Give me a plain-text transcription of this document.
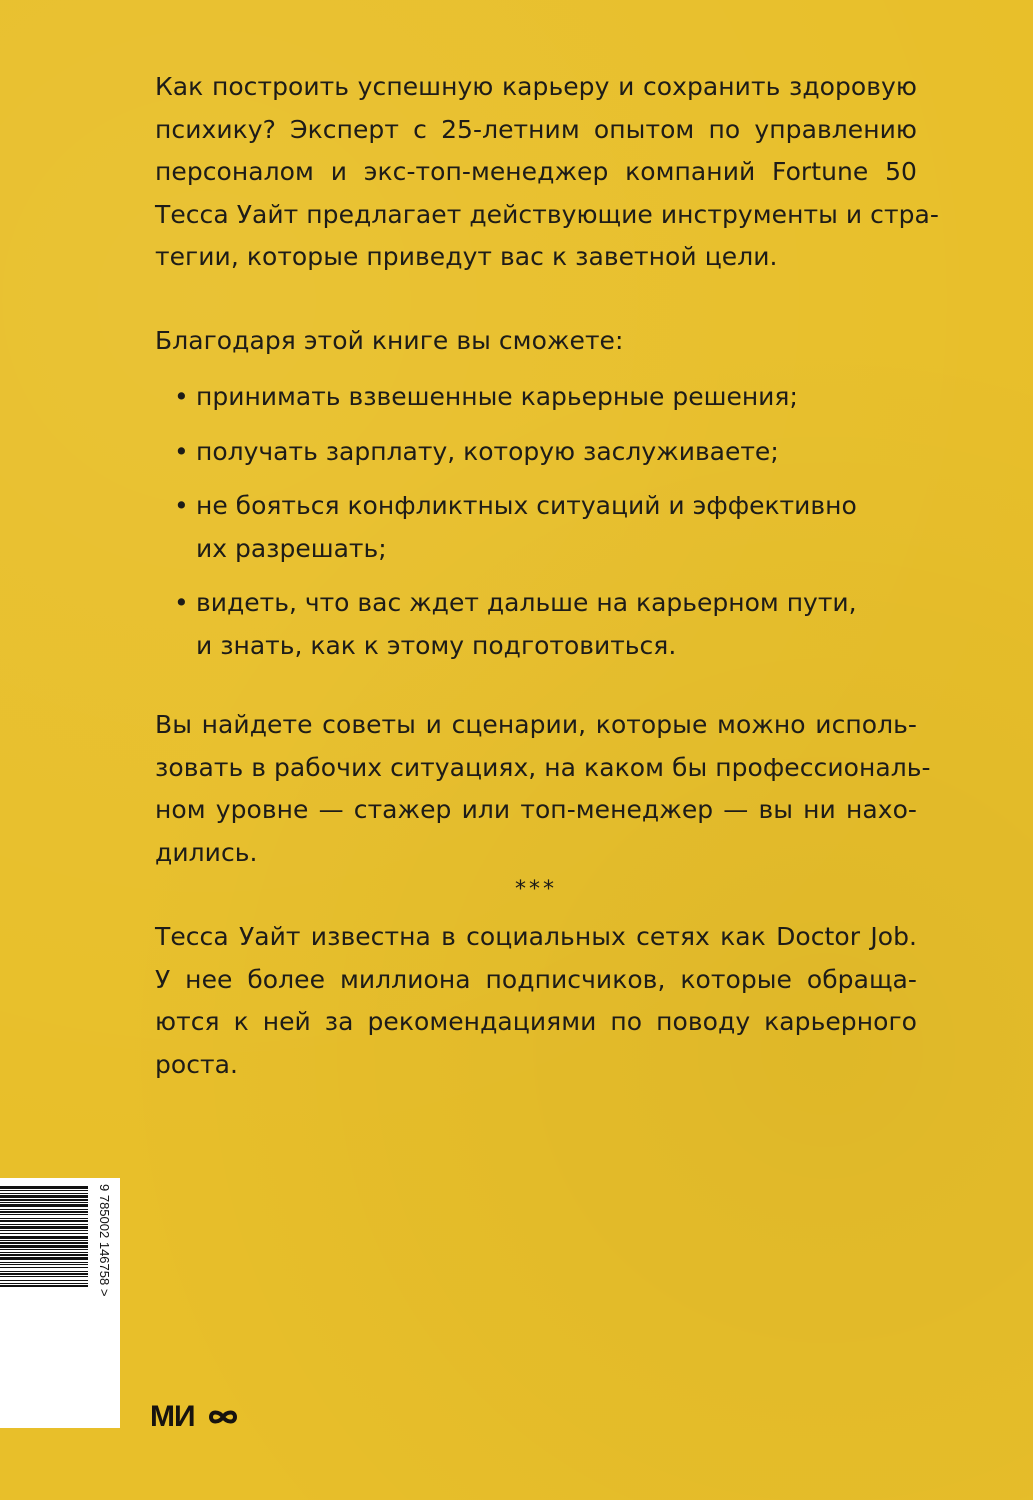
Как построить успешную карьеру и сохранить здоровую
психику? Эксперт с 25-летним опытом по управлению
персоналом и экс-топ-менеджер компаний Fortune 50
Тесса Уайт предлагает действующие инструменты и стра-
тегии, которые приведут вас к заветной цели.
Благодаря этой книге вы сможете:
• принимать взвешенные карьерные решения;
• получать зарплату, которую заслуживаете;
• не бояться конфликтных ситуаций и эффективно
их разрешать;
• видеть, что вас ждет дальше на карьерном пути,
и знать, как к этому подготовиться.
Вы найдете советы и сценарии, которые можно исполь-
зовать в рабочих ситуациях, на каком бы профессиональ-
ном уровне — стажер или топ-менеджер — вы ни нахо-
дились.
***
Тесса Уайт известна в социальных сетях как Doctor Job.
У нее более миллиона подписчиков, которые обраща-
ются к ней за рекомендациями по поводу карьерного
роста.
9 785002 146758 >
МИ
